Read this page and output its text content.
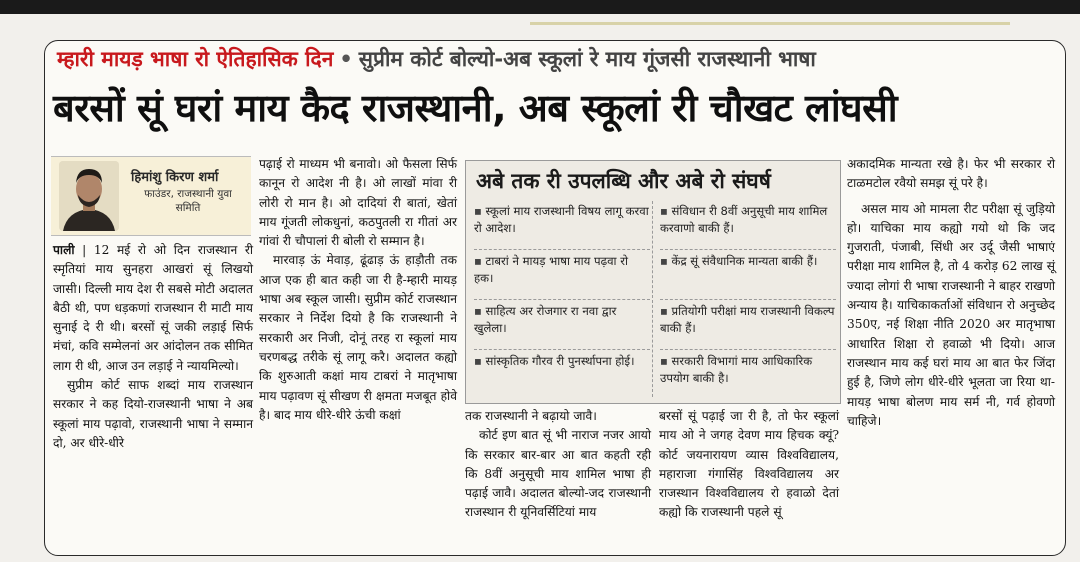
म्हारी मायड़ भाषा रो ऐतिहासिक दिन • सुप्रीम कोर्ट बोल्यो-अब स्कूलां रे माय गूंजसी राजस्थानी भाषा
बरसों सूं घरां माय कैद राजस्थानी, अब स्कूलां री चौखट लांघसी
हिमांशु किरण शर्मा
फाउंडर, राजस्थानी युवा समिति

पाली | 12 मई रो ओ दिन राजस्थान री स्मृतियां माय सुनहरा आखरां सूं लिखयो जासी। दिल्ली माय देश री सबसे मोटी अदालत बैठी थी, पण धड़कणां राजस्थान री माटी माय सुनाई दे री थी। बरसों सूं जकी लड़ाई सिर्फ मंचां, कवि सम्मेलनां अर आंदोलन तक सीमित लाग री थी, आज उन लड़ाई ने न्यायमिल्यो।

सुप्रीम कोर्ट साफ शब्दां माय राजस्थान सरकार ने कह दियो-राजस्थानी भाषा ने अब स्कूलां माय पढ़ावो, राजस्थानी भाषा ने सम्मान दो, अर धीरे-धीरे

पढ़ाई रो माध्यम भी बनावो। ओ फैसला सिर्फ कानून रो आदेश नी है। ओ लाखों मांवा री लोरी रो मान है। ओ दादियां री बातां, खेतां माय गूंजती लोकधुनां, कठपुतली रा गीतां अर गांवां री चौपालां री बोली रो सम्मान है।

मारवाड़ ऊं मेवाड़, ढूंढाड़ ऊं हाड़ौती तक आज एक ही बात कही जा री है-म्हारी मायड़ भाषा अब स्कूल जासी। सुप्रीम कोर्ट राजस्थान सरकार ने निर्देश दियो है कि राजस्थानी ने सरकारी अर निजी, दोनूं तरह रा स्कूलां माय चरणबद्ध तरीके सूं लागू करै। अदालत कह्यो कि शुरुआती कक्षां माय टाबरां ने मातृभाषा माय पढ़ावण सूं सीखण री क्षमता मजबूत होवे है। बाद माय धीरे-धीरे ऊंची कक्षां

अबे तक री उपलब्धि और अबे रो संघर्ष
▪ स्कूलां माय राजस्थानी विषय लागू करवा रो आदेश।
▪ टाबरां ने मायड़ भाषा माय पढ़वा रो हक।
▪ साहित्य अर रोजगार रा नवा द्वार खुलेला।
▪ सांस्कृतिक गौरव री पुनर्स्थापना होई।
▪ संविधान री 8वीं अनुसूची माय शामिल करवाणो बाकी हैं।
▪ केंद्र सूं संवैधानिक मान्यता बाकी हैं।
▪ प्रतियोगी परीक्षां माय राजस्थानी विकल्प बाकी हैं।
▪ सरकारी विभागां माय आधिकारिक उपयोग बाकी है।

तक राजस्थानी ने बढ़ायो जावै।

कोर्ट इण बात सूं भी नाराज नजर आयो कि सरकार बार-बार आ बात कहती रही कि 8वीं अनुसूची माय शामिल भाषा ही पढ़ाई जावै। अदालत बोल्यो-जद राजस्थानी राजस्थान री यूनिवर्सिटियां माय

बरसों सूं पढ़ाई जा री है, तो फेर स्कूलां माय ओ ने जगह देवण माय हिचक क्यूं? कोर्ट जयनारायण व्यास विश्वविद्यालय, महाराजा गंगासिंह विश्वविद्यालय अर राजस्थान विश्वविद्यालय रो हवाळो देतां कह्यो कि राजस्थानी पहले सूं

अकादमिक मान्यता रखे है। फेर भी सरकार रो टाळमटोल रवैयो समझ सूं परे है।

असल माय ओ मामला रीट परीक्षा सूं जुड़ियो हो। याचिका माय कह्यो गयो थो कि जद गुजराती, पंजाबी, सिंधी अर उर्दू जैसी भाषाएं परीक्षा माय शामिल है, तो 4 करोड़ 62 लाख सूं ज्यादा लोगां री भाषा राजस्थानी ने बाहर राखणो अन्याय है। याचिकाकर्ताओं संविधान रो अनुच्छेद 350ए, नई शिक्षा नीति 2020 अर मातृभाषा आधारित शिक्षा रो हवाळो भी दियो। आज राजस्थान माय कई घरां माय आ बात फेर जिंदा हुई है, जिणे लोग धीरे-धीरे भूलता जा रिया था-मायड़ भाषा बोलण माय सर्म नी, गर्व होवणो चाहिजे।
